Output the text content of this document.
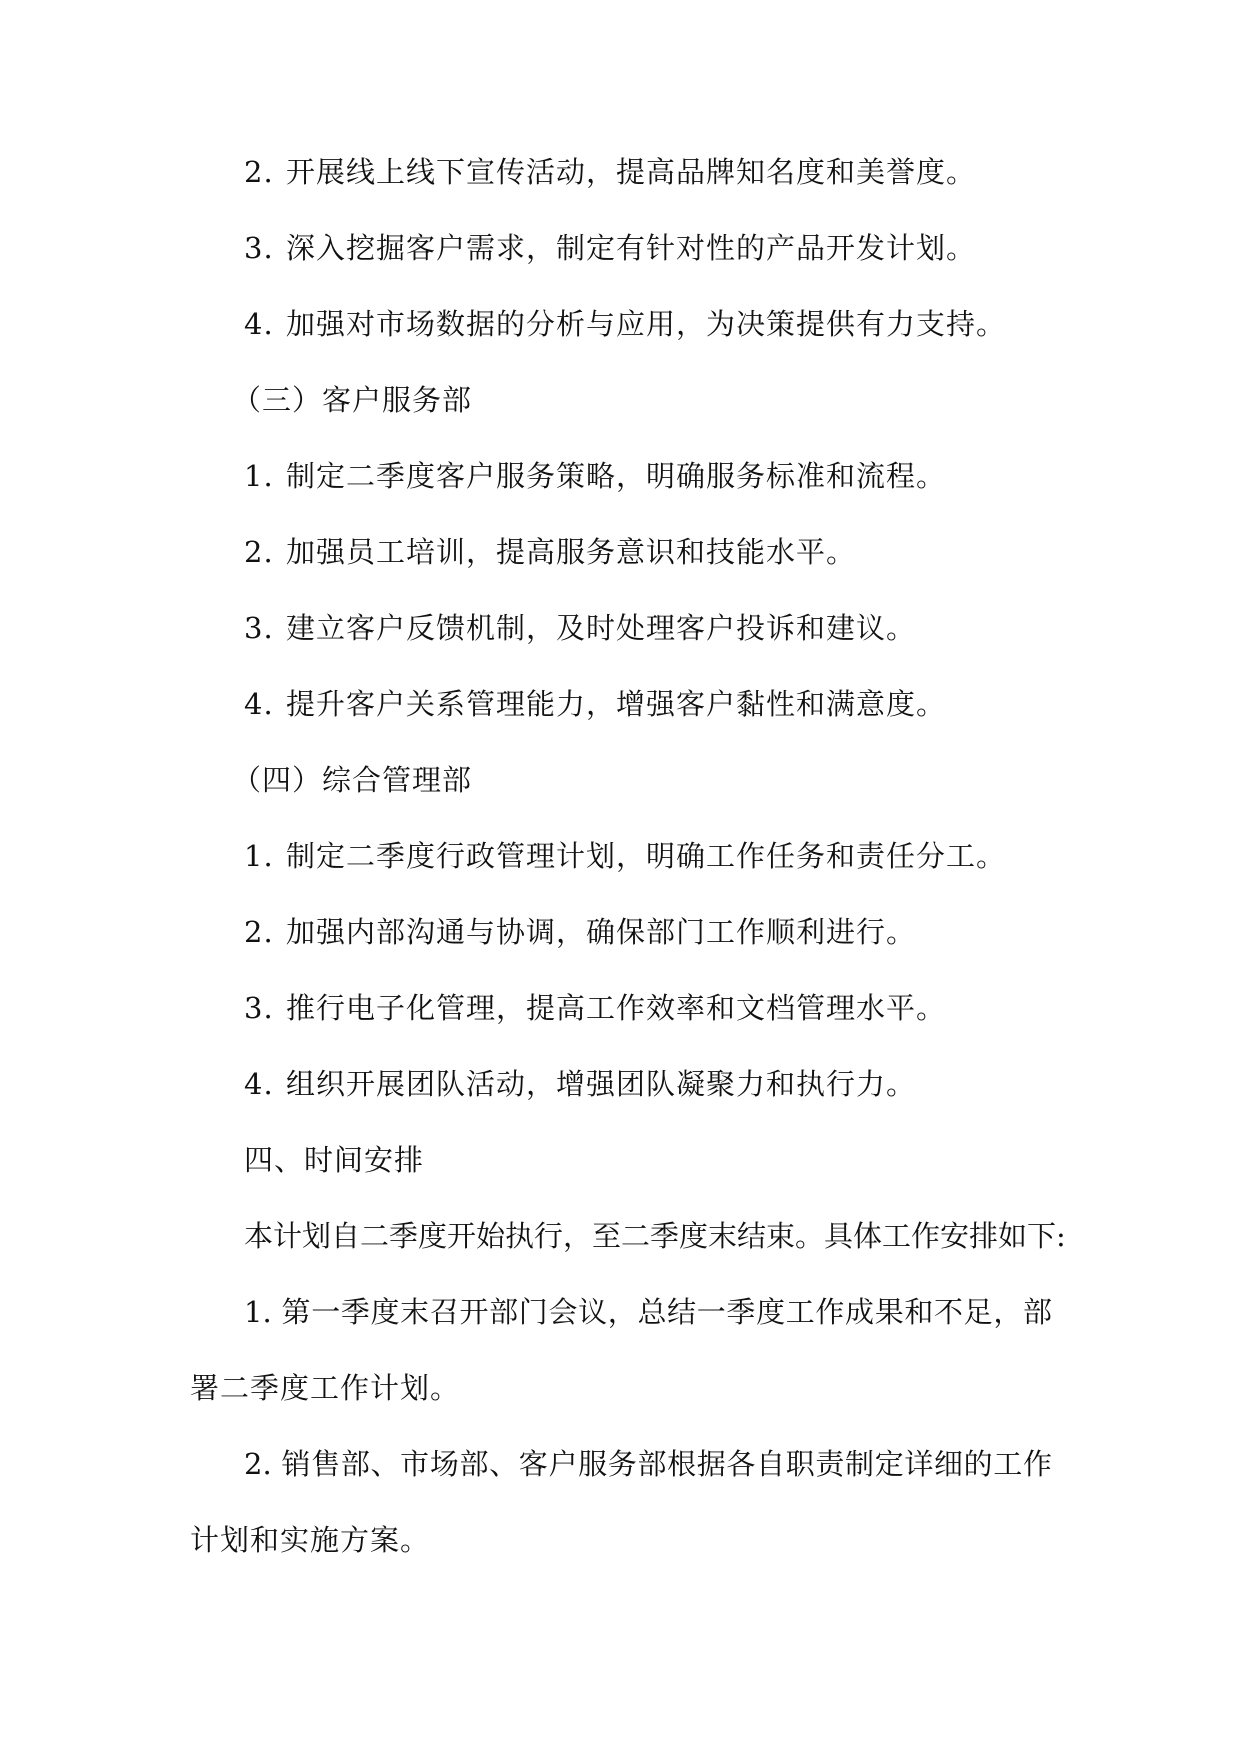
2. 开展线上线下宣传活动，提高品牌知名度和美誉度。
3. 深入挖掘客户需求，制定有针对性的产品开发计划。
4. 加强对市场数据的分析与应用，为决策提供有力支持。
（三）客户服务部
1. 制定二季度客户服务策略，明确服务标准和流程。
2. 加强员工培训，提高服务意识和技能水平。
3. 建立客户反馈机制，及时处理客户投诉和建议。
4. 提升客户关系管理能力，增强客户黏性和满意度。
（四）综合管理部
1. 制定二季度行政管理计划，明确工作任务和责任分工。
2. 加强内部沟通与协调，确保部门工作顺利进行。
3. 推行电子化管理，提高工作效率和文档管理水平。
4. 组织开展团队活动，增强团队凝聚力和执行力。
四、时间安排
本计划自二季度开始执行，至二季度末结束。具体工作安排如下:
1. 第一季度末召开部门会议，总结一季度工作成果和不足，部
署二季度工作计划。
2. 销售部、市场部、客户服务部根据各自职责制定详细的工作
计划和实施方案。
